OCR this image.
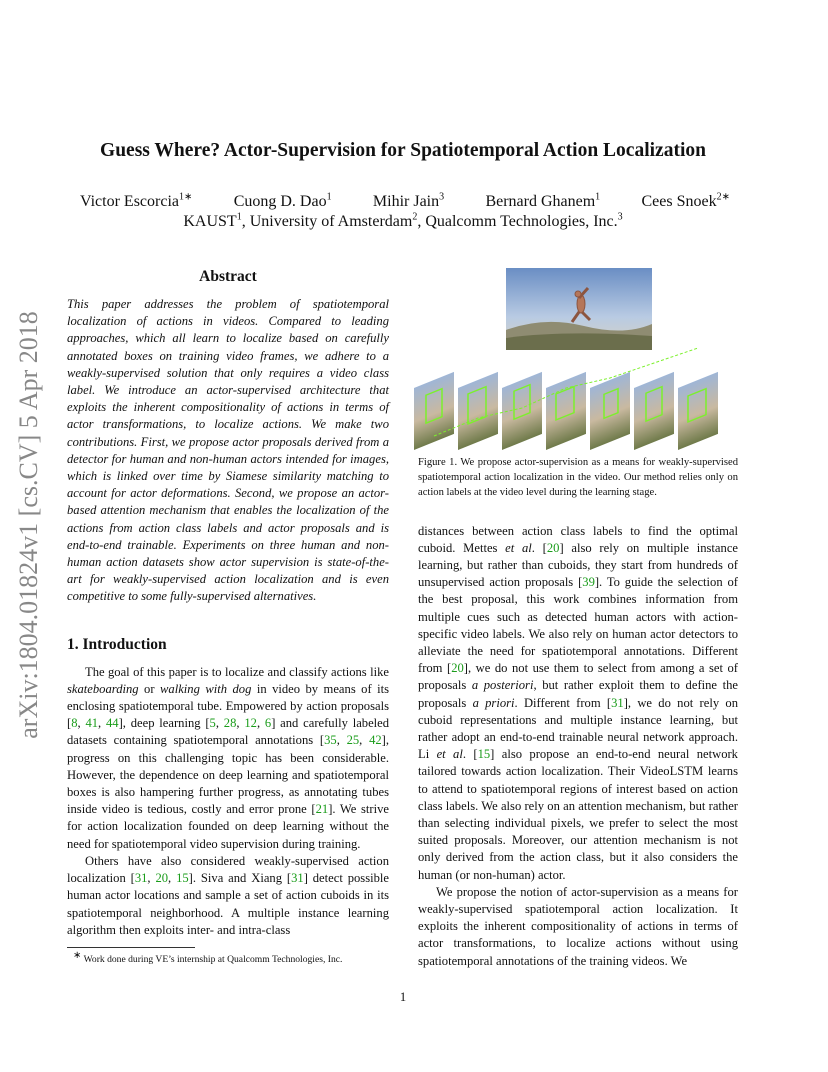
arXiv:1804.01824v1 [cs.CV] 5 Apr 2018
Guess Where? Actor-Supervision for Spatiotemporal Action Localization
Victor Escorcia$^{1∗}$	Cuong D. Dao$^1$	Mihir Jain$^3$	Bernard Ghanem$^1$	Cees Snoek$^{2∗}$
KAUST$^1$, University of Amsterdam$^2$, Qualcomm Technologies, Inc.$^3$
Abstract

This paper addresses the problem of spatiotemporal localization of actions in videos. Compared to leading approaches, which all learn to localize based on carefully annotated boxes on training video frames, we adhere to a weakly-supervised solution that only requires a video class label. We introduce an actor-supervised architecture that exploits the inherent compositionality of actions in terms of actor transformations, to localize actions. We make two contributions. First, we propose actor proposals derived from a detector for human and non-human actors intended for images, which is linked over time by Siamese similarity matching to account for actor deformations. Second, we propose an actor-based attention mechanism that enables the localization of the actions from action class labels and actor proposals and is end-to-end trainable. Experiments on three human and non-human action datasets show actor supervision is state-of-the-art for weakly-supervised action localization and is even competitive to some fully-supervised alternatives.

1. Introduction

The goal of this paper is to localize and classify actions like skateboarding or walking with dog in video by means of its enclosing spatiotemporal tube. Empowered by action proposals [8, 41, 44], deep learning [5, 28, 12, 6] and carefully labeled datasets containing spatiotemporal annotations [35, 25, 42], progress on this challenging topic has been considerable. However, the dependence on deep learning and spatiotemporal boxes is also hampering further progress, as annotating tubes inside video is tedious, costly and error prone [21]. We strive for action localization founded on deep learning without the need for spatiotemporal video supervision during training.

Others have also considered weakly-supervised action localization [31, 20, 15]. Siva and Xiang [31] detect possible human actor locations and sample a set of action cuboids in its spatiotemporal neighborhood. A multiple instance learning algorithm then exploits inter- and intra-class

∗ Work done during VE’s internship at Qualcomm Technologies, Inc.

Figure 1. We propose actor-supervision as a means for weakly-supervised spatiotemporal action localization in the video. Our method relies only on action labels at the video level during the learning stage.

distances between action class labels to find the optimal cuboid. Mettes et al. [20] also rely on multiple instance learning, but rather than cuboids, they start from hundreds of unsupervised action proposals [39]. To guide the selection of the best proposal, this work combines information from multiple cues such as detected human actors with action-specific video labels. We also rely on human actor detectors to alleviate the need for spatiotemporal annotations. Different from [20], we do not use them to select from among a set of proposals a posteriori, but rather exploit them to define the proposals a priori. Different from [31], we do not rely on cuboid representations and multiple instance learning, but rather adopt an end-to-end trainable neural network approach. Li et al. [15] also propose an end-to-end neural network tailored towards action localization. Their VideoLSTM learns to attend to spatiotemporal regions of interest based on action class labels. We also rely on an attention mechanism, but rather than selecting individual pixels, we prefer to select the most suited proposals. Moreover, our attention mechanism is not only derived from the action class, but it also considers the human (or non-human) actor.

We propose the notion of actor-supervision as a means for weakly-supervised spatiotemporal action localization. It exploits the inherent compositionality of actions in terms of actor transformations, to localize actions without using spatiotemporal annotations of the training videos. We

1
